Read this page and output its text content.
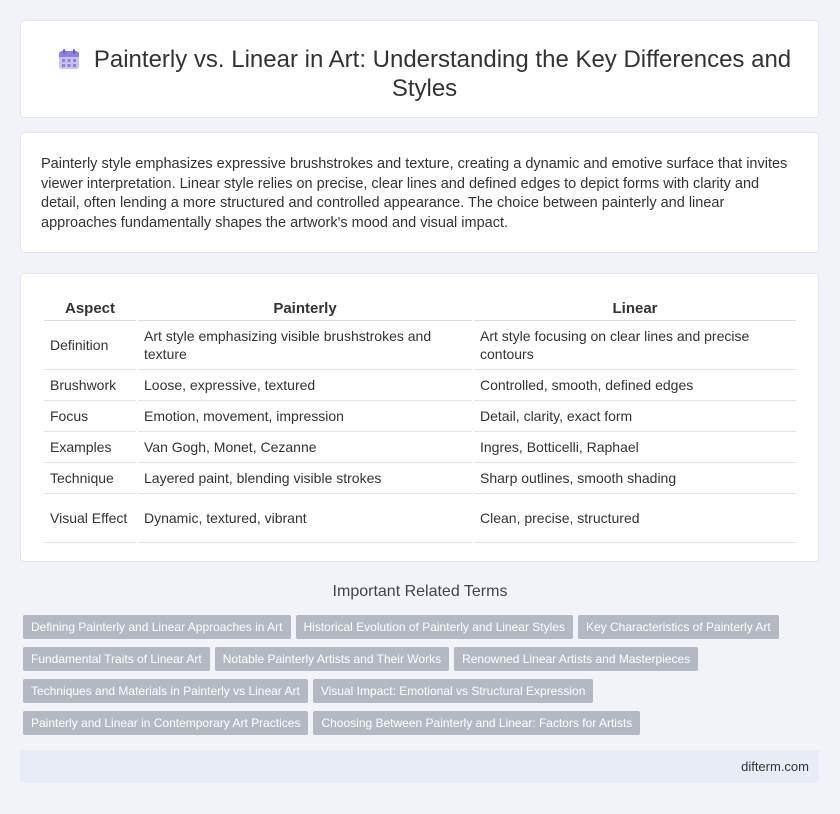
Painterly vs. Linear in Art: Understanding the Key Differences and Styles
Painterly style emphasizes expressive brushstrokes and texture, creating a dynamic and emotive surface that invites viewer interpretation. Linear style relies on precise, clear lines and defined edges to depict forms with clarity and detail, often lending a more structured and controlled appearance. The choice between painterly and linear approaches fundamentally shapes the artwork's mood and visual impact.
Aspect	Painterly	Linear
Definition	Art style emphasizing visible brushstrokes and texture	Art style focusing on clear lines and precise contours
Brushwork	Loose, expressive, textured	Controlled, smooth, defined edges
Focus	Emotion, movement, impression	Detail, clarity, exact form
Examples	Van Gogh, Monet, Cezanne	Ingres, Botticelli, Raphael
Technique	Layered paint, blending visible strokes	Sharp outlines, smooth shading
Visual Effect	Dynamic, textured, vibrant	Clean, precise, structured
Important Related Terms
Defining Painterly and Linear Approaches in Art Historical Evolution of Painterly and Linear Styles Key Characteristics of Painterly Art
Fundamental Traits of Linear Art Notable Painterly Artists and Their Works Renowned Linear Artists and Masterpieces
Techniques and Materials in Painterly vs Linear Art Visual Impact: Emotional vs Structural Expression
Painterly and Linear in Contemporary Art Practices Choosing Between Painterly and Linear: Factors for Artists
difterm.com
